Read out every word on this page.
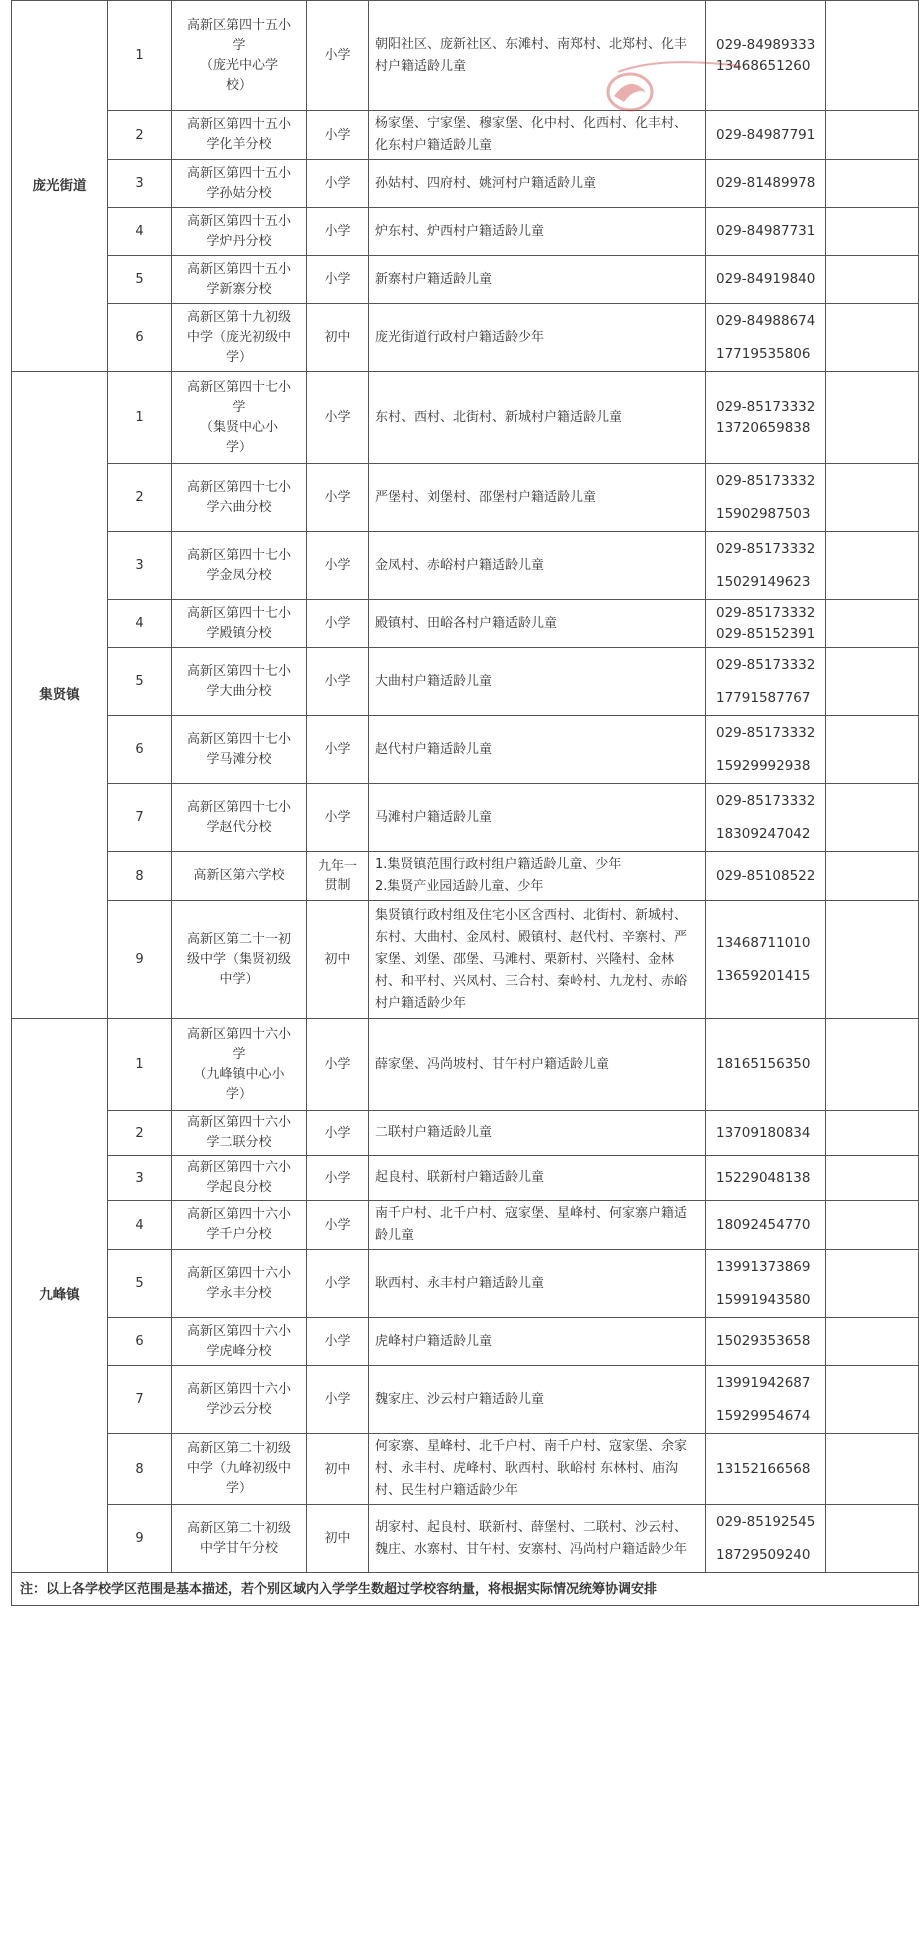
庞光街道	1	高新区第四十五小
学
（庞光中心学
校）	小学	朝阳社区、庞新社区、东滩村、南郑村、北郑村、化丰村户籍适龄儿童	029-84989333
13468651260	

	2	高新区第四十五小
学化羊分校	小学	杨家堡、宁家堡、穆家堡、化中村、化西村、化丰村、化东村户籍适龄儿童	029-84987791	

	3	高新区第四十五小
学孙姑分校	小学	孙姑村、四府村、姚河村户籍适龄儿童	029-81489978	

	4	高新区第四十五小
学炉丹分校	小学	炉东村、炉西村户籍适龄儿童	029-84987731	

	5	高新区第四十五小
学新寨分校	小学	新寨村户籍适龄儿童	029-84919840	

	6	高新区第十九初级
中学（庞光初级中
学）	初中	庞光街道行政村户籍适龄少年	029-84988674
17719535806	

集贤镇	1	高新区第四十七小
学
（集贤中心小
学）	小学	东村、西村、北街村、新城村户籍适龄儿童	029-85173332
13720659838	

	2	高新区第四十七小
学六曲分校	小学	严堡村、刘堡村、邵堡村户籍适龄儿童	029-85173332
15902987503	

	3	高新区第四十七小
学金凤分校	小学	金凤村、赤峪村户籍适龄儿童	029-85173332
15029149623	

	4	高新区第四十七小
学殿镇分校	小学	殿镇村、田峪各村户籍适龄儿童	029-85173332
029-85152391	

	5	高新区第四十七小
学大曲分校	小学	大曲村户籍适龄儿童	029-85173332
17791587767	

	6	高新区第四十七小
学马滩分校	小学	赵代村户籍适龄儿童	029-85173332
15929992938	

	7	高新区第四十七小
学赵代分校	小学	马滩村户籍适龄儿童	029-85173332
18309247042	

	8	高新区第六学校	九年一贯制	1.集贤镇范围行政村组户籍适龄儿童、少年
2.集贤产业园适龄儿童、少年	029-85108522	

	9	高新区第二十一初
级中学（集贤初级
中学）	初中	集贤镇行政村组及住宅小区含西村、北街村、新城村、东村、大曲村、金凤村、殿镇村、赵代村、辛寨村、严家堡、刘堡、邵堡、马滩村、栗新村、兴隆村、金林村、和平村、兴凤村、三合村、秦岭村、九龙村、赤峪村户籍适龄少年	13468711010
13659201415	

九峰镇	1	高新区第四十六小
学
（九峰镇中心小
学）	小学	薛家堡、冯尚坡村、甘午村户籍适龄儿童	18165156350	

	2	高新区第四十六小
学二联分校	小学	二联村户籍适龄儿童	13709180834	

	3	高新区第四十六小
学起良分校	小学	起良村、联新村户籍适龄儿童	15229048138	

	4	高新区第四十六小
学千户分校	小学	南千户村、北千户村、寇家堡、星峰村、何家寨户籍适龄儿童	18092454770	

	5	高新区第四十六小
学永丰分校	小学	耿西村、永丰村户籍适龄儿童	13991373869
15991943580	

	6	高新区第四十六小
学虎峰分校	小学	虎峰村户籍适龄儿童	15029353658	

	7	高新区第四十六小
学沙云分校	小学	魏家庄、沙云村户籍适龄儿童	13991942687
15929954674	

	8	高新区第二十初级
中学（九峰初级中
学）	初中	何家寨、星峰村、北千户村、南千户村、寇家堡、余家村、永丰村、虎峰村、耿西村、耿峪村 东林村、庙沟村、民生村户籍适龄少年	13152166568	

	9	高新区第二十初级
中学甘午分校	初中	胡家村、起良村、联新村、薛堡村、二联村、沙云村、魏庄、水寨村、甘午村、安寨村、冯尚村户籍适龄少年	029-85192545
18729509240	

注：以上各学校学区范围是基本描述，若个别区域内入学学生数超过学校容纳量，将根据实际情况统筹协调安排						
